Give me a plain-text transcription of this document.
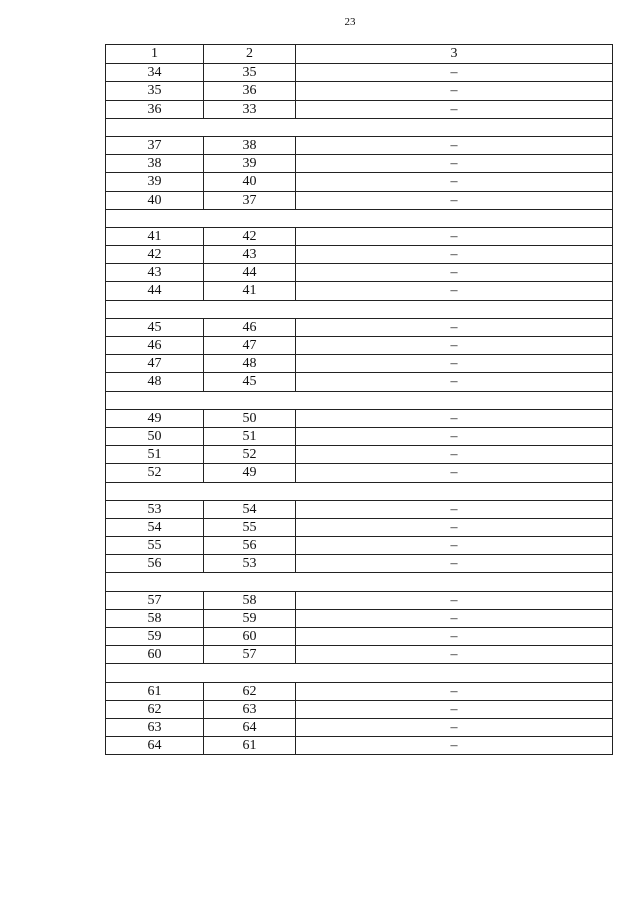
23
1	2	3
34	35	–
35	36	–
36	33	–
37	38	–
38	39	–
39	40	–
40	37	–
41	42	–
42	43	–
43	44	–
44	41	–
45	46	–
46	47	–
47	48	–
48	45	–
49	50	–
50	51	–
51	52	–
52	49	–
53	54	–
54	55	–
55	56	–
56	53	–
57	58	–
58	59	–
59	60	–
60	57	–
61	62	–
62	63	–
63	64	–
64	61	–
